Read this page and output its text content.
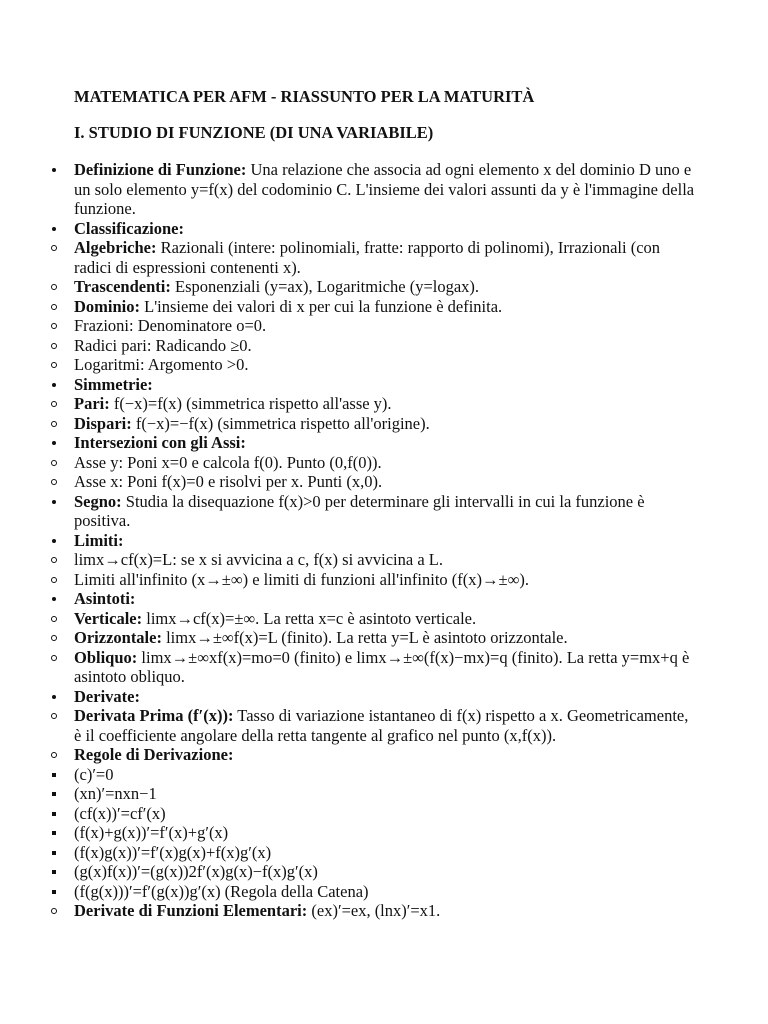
MATEMATICA PER AFM - RIASSUNTO PER LA MATURITÀ
I. STUDIO DI FUNZIONE (DI UNA VARIABILE)
Definizione di Funzione: Una relazione che associa ad ogni elemento x del dominio D uno e un solo elemento y=f(x) del codominio C. L'insieme dei valori assunti da y è l'immagine della funzione.
Classificazione:
Algebriche: Razionali (intere: polinomiali, fratte: rapporto di polinomi), Irrazionali (con radici di espressioni contenenti x).
Trascendenti: Esponenziali (y=ax), Logaritmiche (y=logax).
Dominio: L'insieme dei valori di x per cui la funzione è definita.
Frazioni: Denominatore o=0.
Radici pari: Radicando ≥0.
Logaritmi: Argomento >0.
Simmetrie:
Pari: f(−x)=f(x) (simmetrica rispetto all'asse y).
Dispari: f(−x)=−f(x) (simmetrica rispetto all'origine).
Intersezioni con gli Assi:
Asse y: Poni x=0 e calcola f(0). Punto (0,f(0)).
Asse x: Poni f(x)=0 e risolvi per x. Punti (x,0).
Segno: Studia la disequazione f(x)>0 per determinare gli intervalli in cui la funzione è positiva.
Limiti:
limx→cf(x)=L: se x si avvicina a c, f(x) si avvicina a L.
Limiti all'infinito (x→±∞) e limiti di funzioni all'infinito (f(x)→±∞).
Asintoti:
Verticale: limx→cf(x)=±∞. La retta x=c è asintoto verticale.
Orizzontale: limx→±∞f(x)=L (finito). La retta y=L è asintoto orizzontale.
Obliquo: limx→±∞xf(x)=mo=0 (finito) e limx→±∞(f(x)−mx)=q (finito). La retta y=mx+q è asintoto obliquo.
Derivate:
Derivata Prima (f′(x)): Tasso di variazione istantaneo di f(x) rispetto a x. Geometricamente, è il coefficiente angolare della retta tangente al grafico nel punto (x,f(x)).
Regole di Derivazione:
(c)′=0
(xn)′=nxn−1
(cf(x))′=cf′(x)
(f(x)+g(x))′=f′(x)+g′(x)
(f(x)g(x))′=f′(x)g(x)+f(x)g′(x)
(g(x)f(x))′=(g(x))2f′(x)g(x)−f(x)g′(x)
(f(g(x)))′=f′(g(x))g′(x) (Regola della Catena)
Derivate di Funzioni Elementari: (ex)′=ex, (lnx)′=x1.
